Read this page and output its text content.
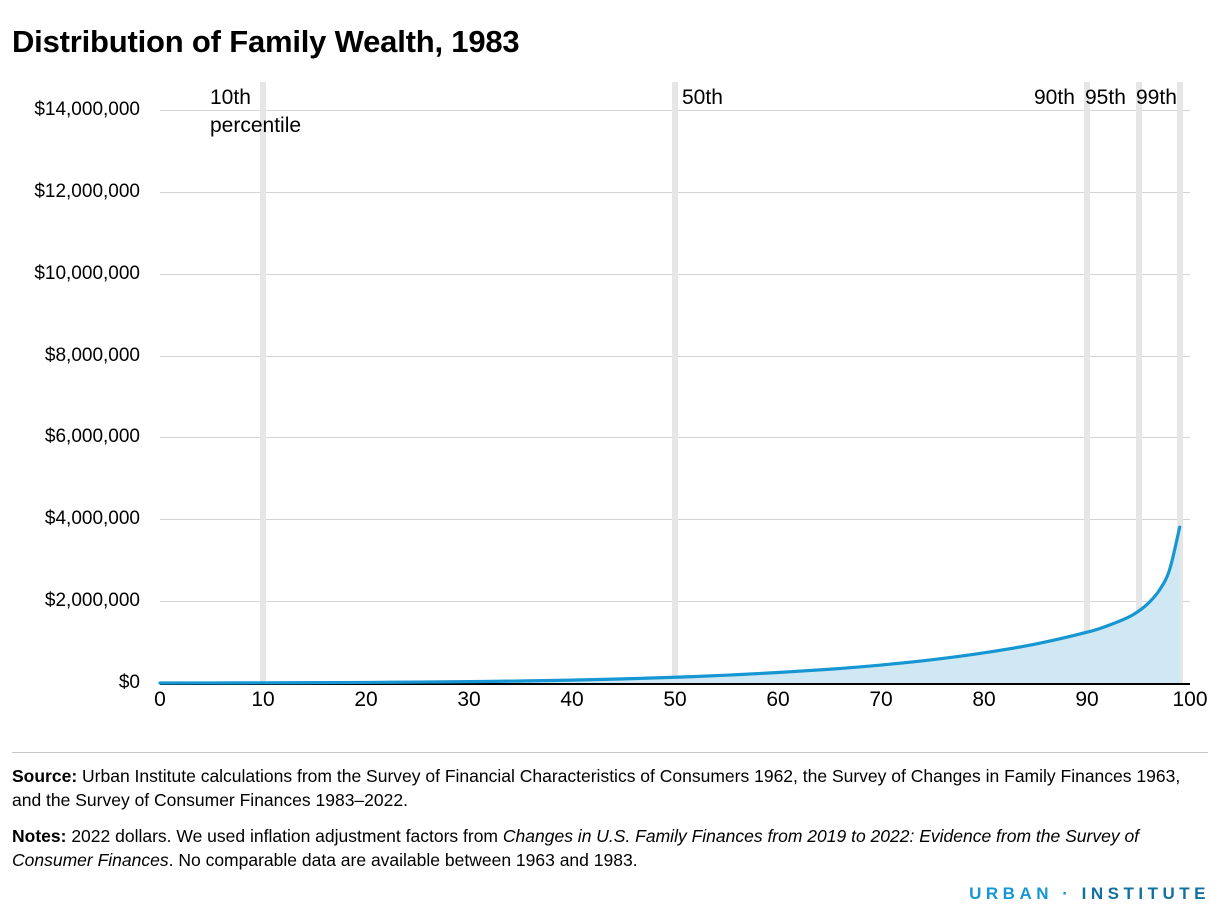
Distribution of Family Wealth, 1983
$14,000,000
$12,000,000
$10,000,000
$8,000,000
$6,000,000
$4,000,000
$2,000,000
$0
10th
percentile
50th	90th 95th 99th
0	10	20	30	40	50	60	70	80	90	100
Source: Urban Institute calculations from the Survey of Financial Characteristics of Consumers 1962, the Survey of Changes in Family Finances 1963, and the Survey of Consumer Finances 1983–2022.
Notes: 2022 dollars. We used inflation adjustment factors from Changes in U.S. Family Finances from 2019 to 2022: Evidence from the Survey of Consumer Finances. No comparable data are available between 1963 and 1983.
URBAN · INSTITUTE
